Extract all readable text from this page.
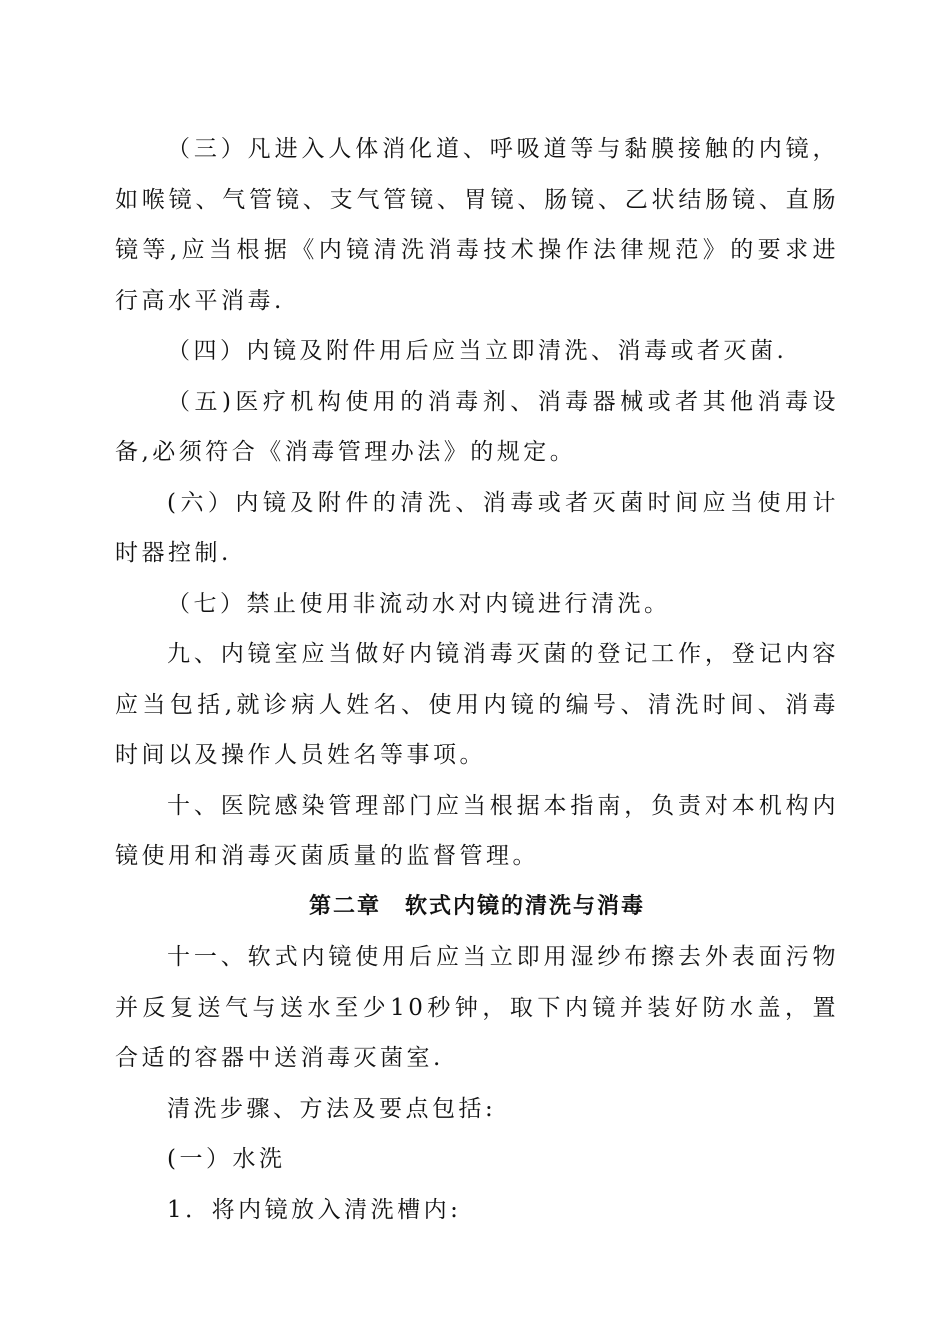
（三）凡进入人体消化道、呼吸道等与黏膜接触的内镜，如喉镜、气管镜、支气管镜、胃镜、肠镜、乙状结肠镜、直肠镜等,应当根据《内镜清洗消毒技术操作法律规范》的要求进行高水平消毒.

（四）内镜及附件用后应当立即清洗、消毒或者灭菌.

（五)医疗机构使用的消毒剂、消毒器械或者其他消毒设备,必须符合《消毒管理办法》的规定。

(六）内镜及附件的清洗、消毒或者灭菌时间应当使用计时器控制.

（七）禁止使用非流动水对内镜进行清洗。

九、内镜室应当做好内镜消毒灭菌的登记工作，登记内容应当包括,就诊病人姓名、使用内镜的编号、清洗时间、消毒时间以及操作人员姓名等事项。

十、医院感染管理部门应当根据本指南，负责对本机构内镜使用和消毒灭菌质量的监督管理。

第二章　软式内镜的清洗与消毒

十一、软式内镜使用后应当立即用湿纱布擦去外表面污物并反复送气与送水至少10秒钟，取下内镜并装好防水盖，置合适的容器中送消毒灭菌室.

清洗步骤、方法及要点包括:

(一）水洗

1．将内镜放入清洗槽内:
